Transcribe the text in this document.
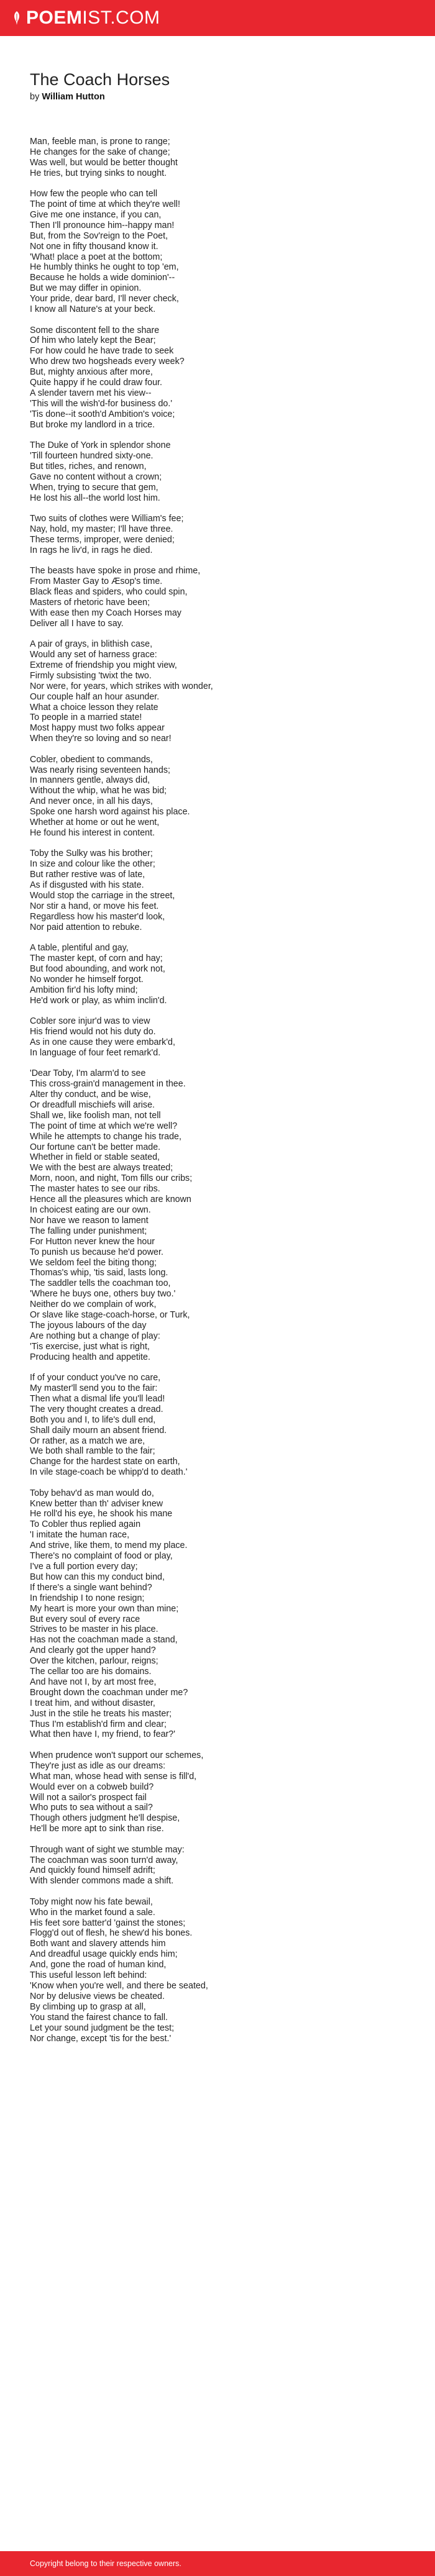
POEMIST.COM
The Coach Horses
by William Hutton
Man, feeble man, is prone to range;
He changes for the sake of change;
Was well, but would be better thought
He tries, but trying sinks to nought.
How few the people who can tell
The point of time at which they're well!
Give me one instance, if you can,
Then I'll pronounce him--happy man!
But, from the Sov'reign to the Poet,
Not one in fifty thousand know it.
'What! place a poet at the bottom;
He humbly thinks he ought to top 'em,
Because he holds a wide dominion'--
But we may differ in opinion.
Your pride, dear bard, I'll never check,
I know all Nature's at your beck.
Some discontent fell to the share
Of him who lately kept the Bear;
For how could he have trade to seek
Who drew two hogsheads every week?
But, mighty anxious after more,
Quite happy if he could draw four.
A slender tavern met his view--
'This will the wish'd-for business do.'
'Tis done--it sooth'd Ambition's voice;
But broke my landlord in a trice.
The Duke of York in splendor shone
'Till fourteen hundred sixty-one.
But titles, riches, and renown,
Gave no content without a crown;
When, trying to secure that gem,
He lost his all--the world lost him.
Two suits of clothes were William's fee;
Nay, hold, my master; I'll have three.
These terms, improper, were denied;
In rags he liv'd, in rags he died.
The beasts have spoke in prose and rhime,
From Master Gay to Æsop's time.
Black fleas and spiders, who could spin,
Masters of rhetoric have been;
With ease then my Coach Horses may
Deliver all I have to say.
A pair of grays, in blithish case,
Would any set of harness grace:
Extreme of friendship you might view,
Firmly subsisting 'twixt the two.
Nor were, for years, which strikes with wonder,
Our couple half an hour asunder.
What a choice lesson they relate
To people in a married state!
Most happy must two folks appear
When they're so loving and so near!
Cobler, obedient to commands,
Was nearly rising seventeen hands;
In manners gentle, always did,
Without the whip, what he was bid;
And never once, in all his days,
Spoke one harsh word against his place.
Whether at home or out he went,
He found his interest in content.
Toby the Sulky was his brother;
In size and colour like the other;
But rather restive was of late,
As if disgusted with his state.
Would stop the carriage in the street,
Nor stir a hand, or move his feet.
Regardless how his master'd look,
Nor paid attention to rebuke.
A table, plentiful and gay,
The master kept, of corn and hay;
But food abounding, and work not,
No wonder he himself forgot.
Ambition fir'd his lofty mind;
He'd work or play, as whim inclin'd.
Cobler sore injur'd was to view
His friend would not his duty do.
As in one cause they were embark'd,
In language of four feet remark'd.
'Dear Toby, I'm alarm'd to see
This cross-grain'd management in thee.
Alter thy conduct, and be wise,
Or dreadfull mischiefs will arise.
Shall we, like foolish man, not tell
The point of time at which we're well?
While he attempts to change his trade,
Our fortune can't be better made.
Whether in field or stable seated,
We with the best are always treated;
Morn, noon, and night, Tom fills our cribs;
The master hates to see our ribs.
Hence all the pleasures which are known
In choicest eating are our own.
Nor have we reason to lament
The falling under punishment;
For Hutton never knew the hour
To punish us because he'd power.
We seldom feel the biting thong;
Thomas's whip, 'tis said, lasts long.
The saddler tells the coachman too,
'Where he buys one, others buy two.'
Neither do we complain of work,
Or slave like stage-coach-horse, or Turk,
The joyous labours of the day
Are nothing but a change of play:
'Tis exercise, just what is right,
Producing health and appetite.
If of your conduct you've no care,
My master'll send you to the fair:
Then what a dismal life you'll lead!
The very thought creates a dread.
Both you and I, to life's dull end,
Shall daily mourn an absent friend.
Or rather, as a match we are,
We both shall ramble to the fair;
Change for the hardest state on earth,
In vile stage-coach be whipp'd to death.'
Toby behav'd as man would do,
Knew better than th' adviser knew
He roll'd his eye, he shook his mane
To Cobler thus replied again
'I imitate the human race,
And strive, like them, to mend my place.
There's no complaint of food or play,
I've a full portion every day;
But how can this my conduct bind,
If there's a single want behind?
In friendship I to none resign;
My heart is more your own than mine;
But every soul of every race
Strives to be master in his place.
Has not the coachman made a stand,
And clearly got the upper hand?
Over the kitchen, parlour, reigns;
The cellar too are his domains.
And have not I, by art most free,
Brought down the coachman under me?
I treat him, and without disaster,
Just in the stile he treats his master;
Thus I'm establish'd firm and clear;
What then have I, my friend, to fear?'
When prudence won't support our schemes,
They're just as idle as our dreams:
What man, whose head with sense is fill'd,
Would ever on a cobweb build?
Will not a sailor's prospect fail
Who puts to sea without a sail?
Though others judgment he'll despise,
He'll be more apt to sink than rise.
Through want of sight we stumble may:
The coachman was soon turn'd away,
And quickly found himself adrift;
With slender commons made a shift.
Toby might now his fate bewail,
Who in the market found a sale.
His feet sore batter'd 'gainst the stones;
Flogg'd out of flesh, he shew'd his bones.
Both want and slavery attends him
And dreadful usage quickly ends him;
And, gone the road of human kind,
This useful lesson left behind:
'Know when you're well, and there be seated,
Nor by delusive views be cheated.
By climbing up to grasp at all,
You stand the fairest chance to fall.
Let your sound judgment be the test;
Nor change, except 'tis for the best.'
Copyright belong to their respective owners.
